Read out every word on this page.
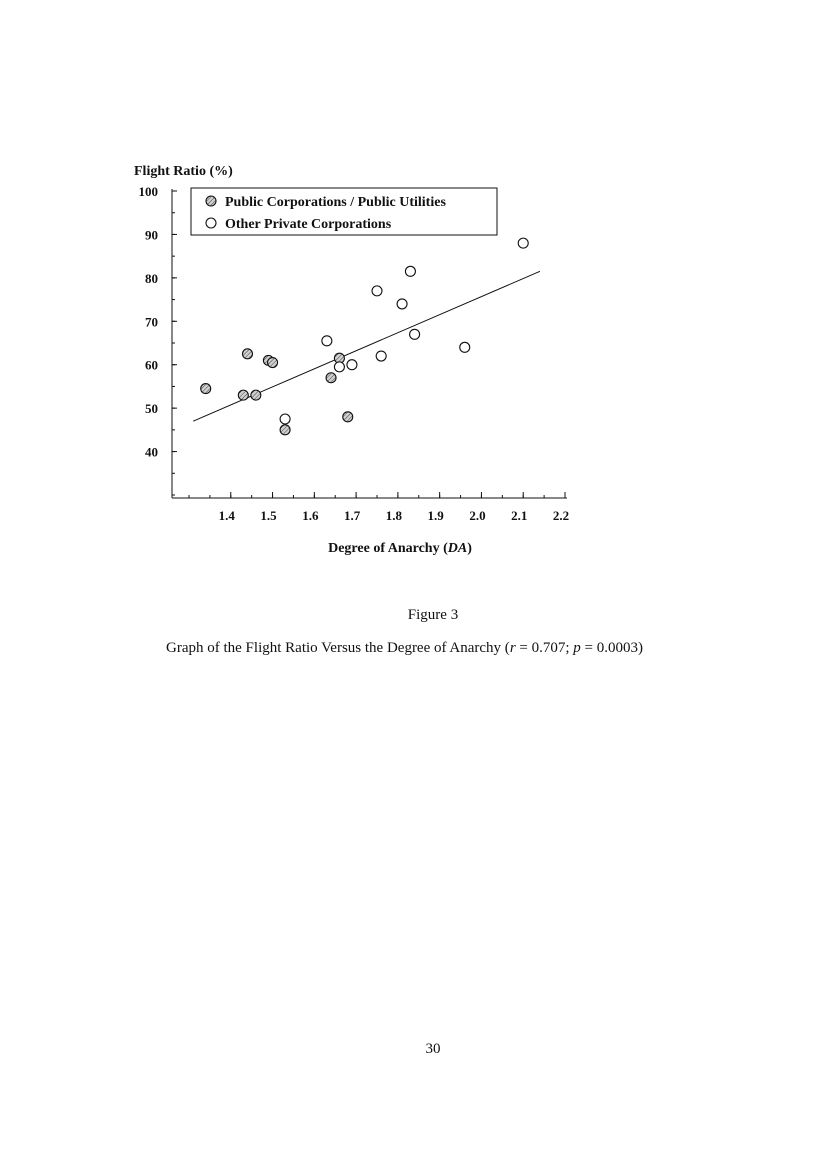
100
90
80
70
60
50
40
1.4 1.5 1.6 1.7 1.8 1.9 2.0 2.1 2.2
Public Corporations / Public Utilities
Other Private Corporations
Flight Ratio (%)
Degree of Anarchy (DA)
Figure 3
Graph of the Flight Ratio Versus the Degree of Anarchy (r = 0.707; p = 0.0003)
30
